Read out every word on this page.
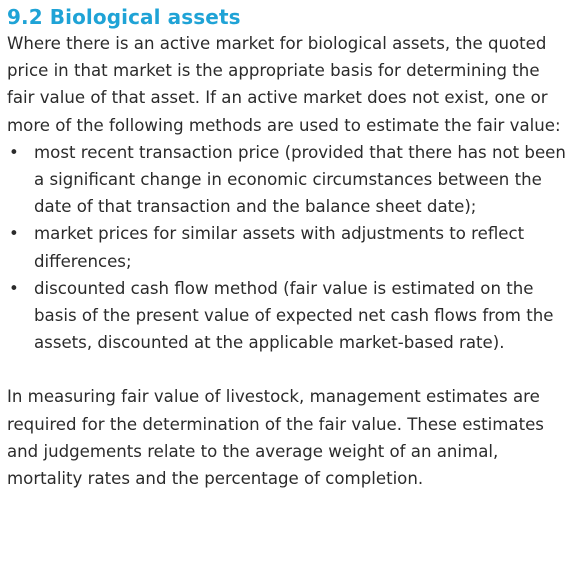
9.2 Biological assets

Where there is an active market for biological assets, the quoted price in that market is the appropriate basis for determining the fair value of that asset. If an active market does not exist, one or more of the following methods are used to estimate the fair value:

• most recent transaction price (provided that there has not been a significant change in economic circumstances between the date of that transaction and the balance sheet date);
• market prices for similar assets with adjustments to reflect differences;
• discounted cash flow method (fair value is estimated on the basis of the present value of expected net cash flows from the assets, discounted at the applicable market-based rate).

In measuring fair value of livestock, management estimates are required for the determination of the fair value. These estimates and judgements relate to the average weight of an animal, mortality rates and the percentage of completion.
